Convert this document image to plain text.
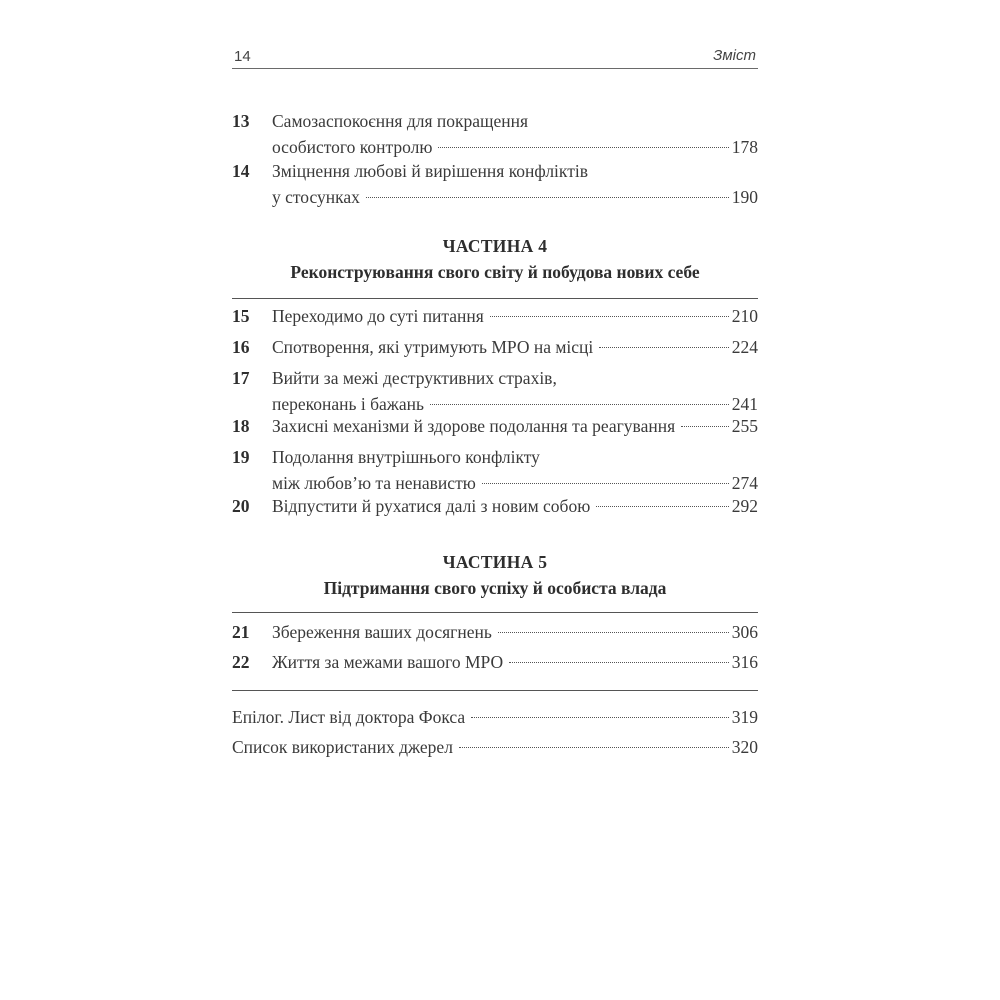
14	Зміст
13 Самозаспокоєння для покращення
особистого контролю	178
14 Зміцнення любові й вирішення конфліктів
у стосунках	190
ЧАСТИНА 4
Реконструювання свого світу й побудова нових себе
15 Переходимо до суті питання	210
16 Спотворення, які утримують МРО на місці	224
17 Вийти за межі деструктивних страхів,
переконань і бажань	241
18 Захисні механізми й здорове подолання та реагування	255
19 Подолання внутрішнього конфлікту
між любов’ю та ненавистю	274
20 Відпустити й рухатися далі з новим собою	292
ЧАСТИНА 5
Підтримання свого успіху й особиста влада
21 Збереження ваших досягнень	306
22 Життя за межами вашого МРО	316
Епілог. Лист від доктора Фокса	319
Список використаних джерел	320
